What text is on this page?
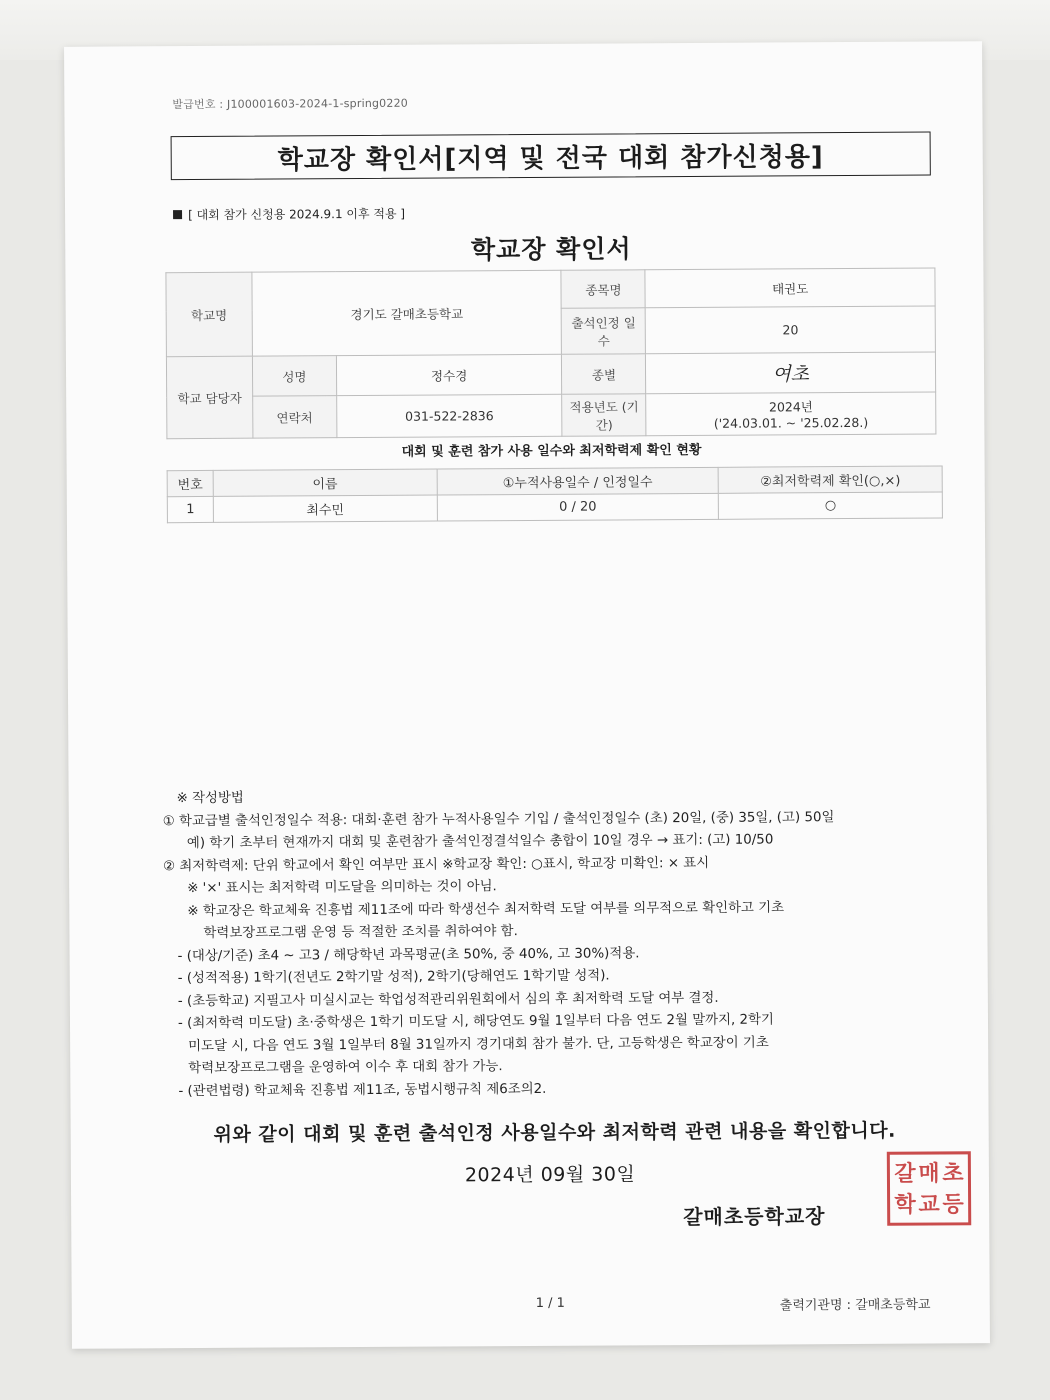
발급번호 : J100001603-2024-1-spring0220
학교장 확인서[지역 및 전국 대회 참가신청용]
[ 대회 참가 신청용 2024.9.1 이후 적용 ]
학교장 확인서
학교명	경기도 갈매초등학교		종목명	태권도
			출석인정 일수	20
학교 담당자	성명	정수경	종별	여초
	연락처	031-522-2836	적용년도 (기간)	2024년
('24.03.01. ~ '25.02.28.)
대회 및 훈련 참가 사용 일수와 최저학력제 확인 현황
번호	이름	①누적사용일수 / 인정일수	②최저학력제 확인(○,×)
1	최수민	0 / 20	○
※ 작성방법
① 학교급별 출석인정일수 적용: 대회·훈련 참가 누적사용일수 기입 / 출석인정일수 (초) 20일, (중) 35일, (고) 50일
예) 학기 초부터 현재까지 대회 및 훈련참가 출석인정결석일수 총합이 10일 경우 → 표기: (고) 10/50
② 최저학력제: 단위 학교에서 확인 여부만 표시 ※학교장 확인: ○표시, 학교장 미확인: × 표시
※ '×' 표시는 최저학력 미도달을 의미하는 것이 아님.
※ 학교장은 학교체육 진흥법 제11조에 따라 학생선수 최저학력 도달 여부를 의무적으로 확인하고 기초
학력보장프로그램 운영 등 적절한 조치를 취하여야 함.
- (대상/기준) 초4 ~ 고3 / 해당학년 과목평균(초 50%, 중 40%, 고 30%)적용.
- (성적적용) 1학기(전년도 2학기말 성적), 2학기(당해연도 1학기말 성적).
- (초등학교) 지필고사 미실시교는 학업성적관리위원회에서 심의 후 최저학력 도달 여부 결정.
- (최저학력 미도달) 초·중학생은 1학기 미도달 시, 해당연도 9월 1일부터 다음 연도 2월 말까지, 2학기
미도달 시, 다음 연도 3월 1일부터 8월 31일까지 경기대회 참가 불가. 단, 고등학생은 학교장이 기초
학력보장프로그램을 운영하여 이수 후 대회 참가 가능.
- (관련법령) 학교체육 진흥법 제11조, 동법시행규칙 제6조의2.
위와 같이 대회 및 훈련 출석인정 사용일수와 최저학력 관련 내용을 확인합니다.
2024년 09월 30일
갈매초등학교장
갈 매 초
학 교 등
1 / 1	출력기관명 : 갈매초등학교
